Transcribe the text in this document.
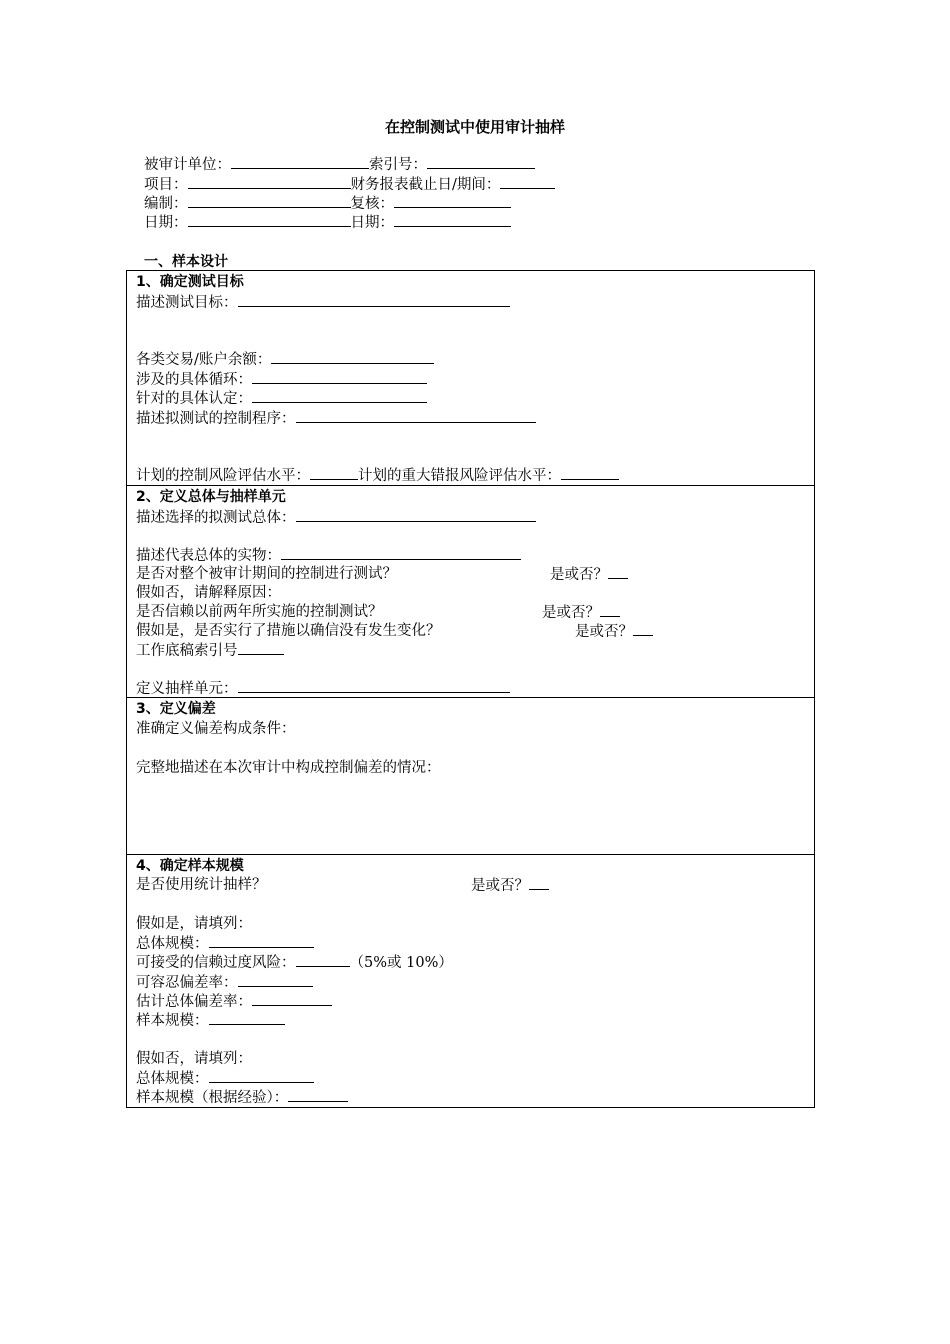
在控制测试中使用审计抽样
被审计单位：	索引号：
项目：	财务报表截止日/期间：
编制：	复核：
日期：	日期：
一、样本设计
1、确定测试目标
描述测试目标：
各类交易/账户余额：
涉及的具体循环：
针对的具体认定：
描述拟测试的控制程序：
计划的控制风险评估水平：	计划的重大错报风险评估水平：
2、定义总体与抽样单元
描述选择的拟测试总体：
描述代表总体的实物：
是否对整个被审计期间的控制进行测试？	是或否？
假如否，请解释原因：
是否信赖以前两年所实施的控制测试？	是或否？
假如是，是否实行了措施以确信没有发生变化？	是或否？
工作底稿索引号
定义抽样单元：
3、定义偏差
准确定义偏差构成条件：
完整地描述在本次审计中构成控制偏差的情况：
4、确定样本规模
是否使用统计抽样？	是或否？
假如是，请填列：
总体规模：
可接受的信赖过度风险：	（5%或 10%）
可容忍偏差率：
估计总体偏差率：
样本规模：
假如否，请填列：
总体规模：
样本规模（根据经验）：
